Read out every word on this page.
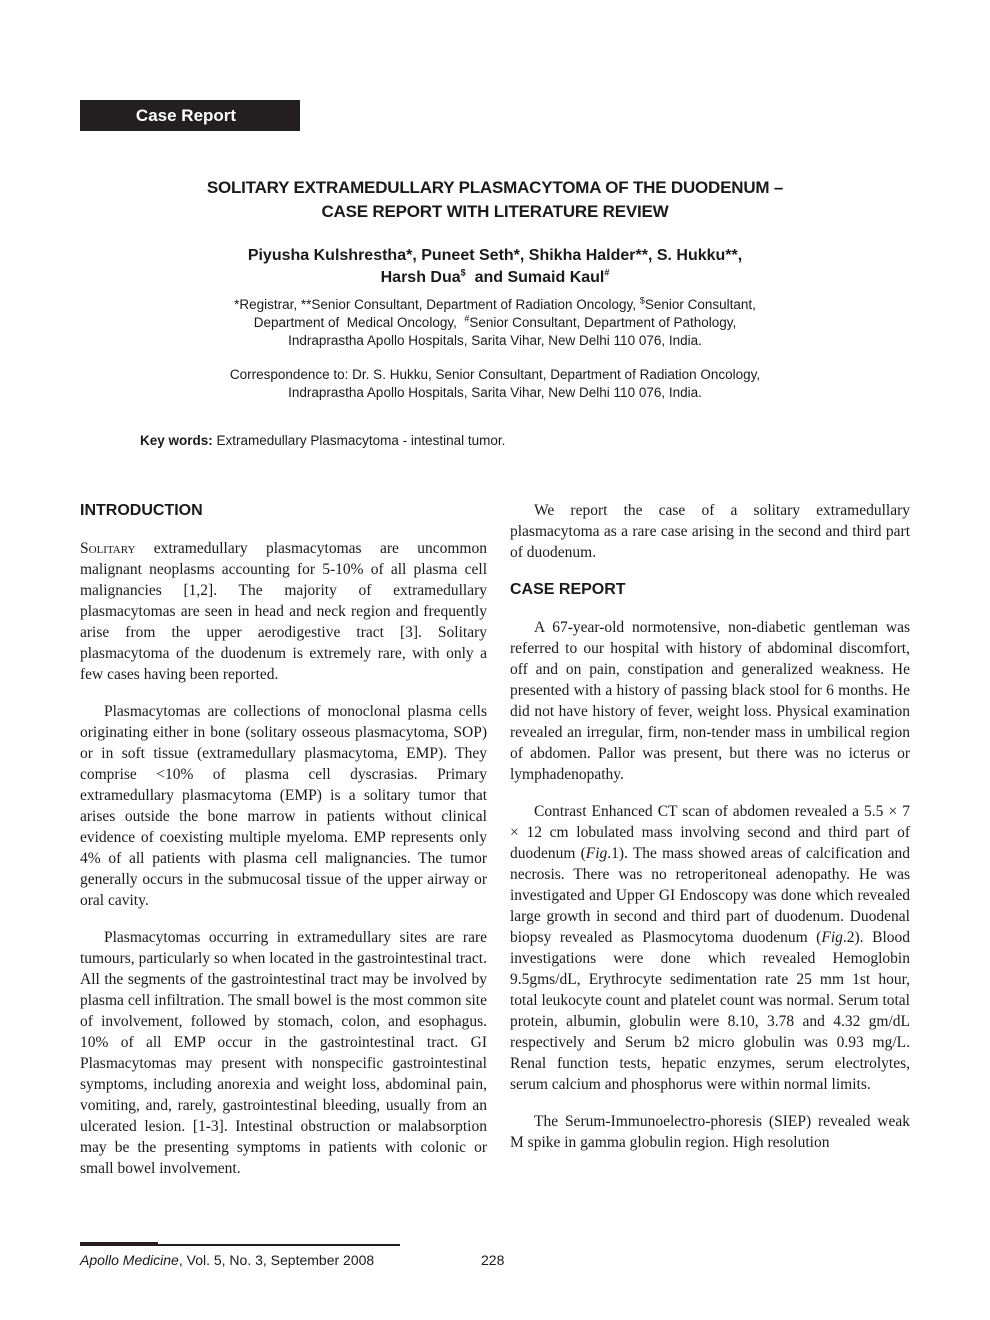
Case Report
SOLITARY EXTRAMEDULLARY PLASMACYTOMA OF THE DUODENUM –
CASE REPORT WITH LITERATURE REVIEW
Piyusha Kulshrestha*, Puneet Seth*, Shikha Halder**, S. Hukku**,
Harsh Dua$ and Sumaid Kaul#
*Registrar, **Senior Consultant, Department of Radiation Oncology, $Senior Consultant,
Department of  Medical Oncology,  #Senior Consultant, Department of Pathology,
Indraprastha Apollo Hospitals, Sarita Vihar, New Delhi 110 076, India.
Correspondence to: Dr. S. Hukku, Senior Consultant, Department of Radiation Oncology,
Indraprastha Apollo Hospitals, Sarita Vihar, New Delhi 110 076, India.
Key words: Extramedullary Plasmacytoma - intestinal tumor.
INTRODUCTION

Solitary extramedullary plasmacytomas are uncommon malignant neoplasms accounting for 5-10% of all plasma cell malignancies [1,2]. The majority of extramedullary plasmacytomas are seen in head and neck region and frequently arise from the upper aerodigestive tract [3]. Solitary plasmacytoma of the duodenum is extremely rare, with only a few cases having been reported.

Plasmacytomas are collections of monoclonal plasma cells originating either in bone (solitary osseous plasmacytoma, SOP) or in soft tissue (extramedullary plasmacytoma, EMP). They comprise <10% of plasma cell dyscrasias. Primary extramedullary plasmacytoma (EMP) is a solitary tumor that arises outside the bone marrow in patients without clinical evidence of coexisting multiple myeloma. EMP represents only 4% of all patients with plasma cell malignancies. The tumor generally occurs in the submucosal tissue of the upper airway or oral cavity.

Plasmacytomas occurring in extramedullary sites are rare tumours, particularly so when located in the gastrointestinal tract. All the segments of the gastrointestinal tract may be involved by plasma cell infiltration. The small bowel is the most common site of involvement, followed by stomach, colon, and esophagus. 10% of all EMP occur in the gastrointestinal tract. GI Plasmacytomas may present with nonspecific gastrointestinal symptoms, including anorexia and weight loss, abdominal pain, vomiting, and, rarely, gastrointestinal bleeding, usually from an ulcerated lesion. [1-3]. Intestinal obstruction or malabsorption may be the presenting symptoms in patients with colonic or small bowel involvement.

We report the case of a solitary extramedullary plasmacytoma as a rare case arising in the second and third part of duodenum.

CASE REPORT

A 67-year-old normotensive, non-diabetic gentleman was referred to our hospital with history of abdominal discomfort, off and on pain, constipation and generalized weakness. He presented with a history of passing black stool for 6 months. He did not have history of fever, weight loss. Physical examination revealed an irregular, firm, non-tender mass in umbilical region of abdomen. Pallor was present, but there was no icterus or lymphadenopathy.

Contrast Enhanced CT scan of abdomen revealed a 5.5 × 7 × 12 cm lobulated mass involving second and third part of duodenum (Fig.1). The mass showed areas of calcification and necrosis. There was no retroperitoneal adenopathy. He was investigated and Upper GI Endoscopy was done which revealed large growth in second and third part of duodenum. Duodenal biopsy revealed as Plasmocytoma duodenum (Fig.2). Blood investigations were done which revealed Hemoglobin 9.5gms/dL, Erythrocyte sedimentation rate 25 mm 1st hour, total leukocyte count and platelet count was normal. Serum total protein, albumin, globulin were 8.10, 3.78 and 4.32 gm/dL respectively and Serum b2 micro globulin was 0.93 mg/L. Renal function tests, hepatic enzymes, serum electrolytes, serum calcium and phosphorus were within normal limits.

The Serum-Immunoelectro-phoresis (SIEP) revealed weak M spike in gamma globulin region. High resolution

Apollo Medicine, Vol. 5, No. 3, September 2008	228
